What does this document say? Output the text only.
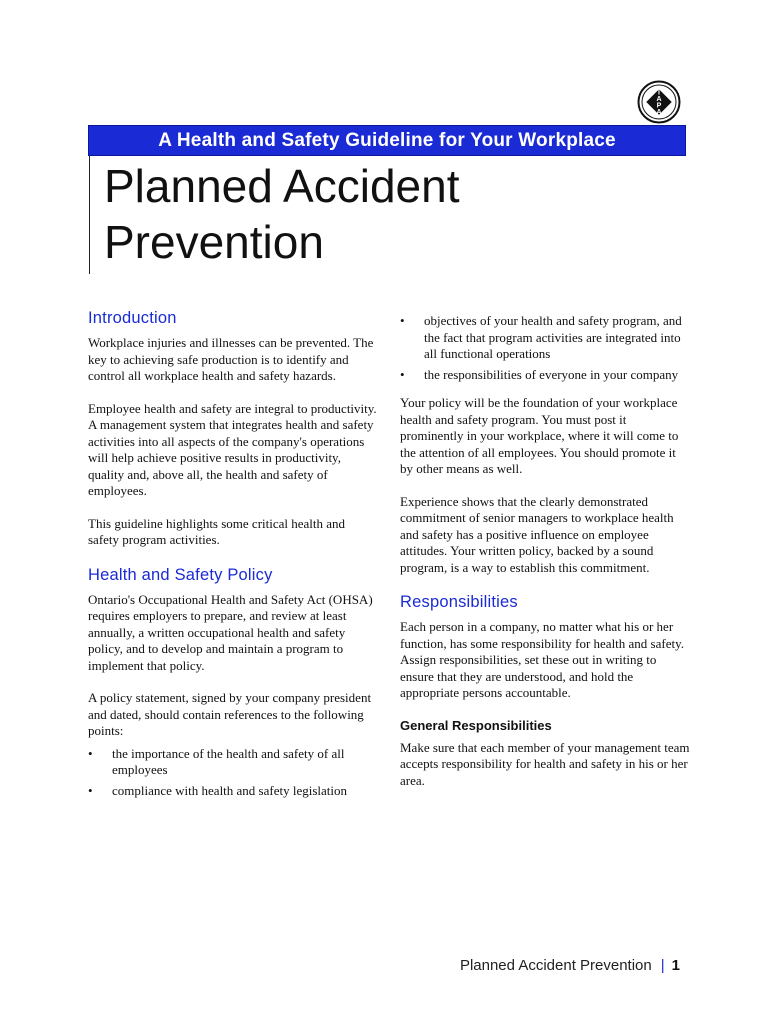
I
A
P
A
A Health and Safety Guideline for Your Workplace
Planned Accident
Prevention
Introduction

Workplace injuries and illnesses can be prevented. The key to achieving safe production is to identify and control all workplace health and safety hazards.

Employee health and safety are integral to productivity. A management system that integrates health and safety activities into all aspects of the company's operations will help achieve positive results in productivity, quality and, above all, the health and safety of employees.

This guideline highlights some critical health and safety program activities.

Health and Safety Policy

Ontario's Occupational Health and Safety Act (OHSA) requires employers to prepare, and review at least annually, a written occupational health and safety policy, and to develop and maintain a program to implement that policy.

A policy statement, signed by your company president and dated, should contain references to the following points:

• the importance of the health and safety of all employees
• compliance with health and safety legislation
• objectives of your health and safety program, and the fact that program activities are integrated into all functional operations
• the responsibilities of everyone in your company

Your policy will be the foundation of your workplace health and safety program. You must post it prominently in your workplace, where it will come to the attention of all employees. You should promote it by other means as well.

Experience shows that the clearly demonstrated commitment of senior managers to workplace health and safety has a positive influence on employee attitudes. Your written policy, backed by a sound program, is a way to establish this commitment.

Responsibilities

Each person in a company, no matter what his or her function, has some responsibility for health and safety. Assign responsibilities, set these out in writing to ensure that they are understood, and hold the appropriate persons accountable.

General Responsibilities

Make sure that each member of your management team accepts responsibility for health and safety in his or her area.

Planned Accident Prevention | 1
